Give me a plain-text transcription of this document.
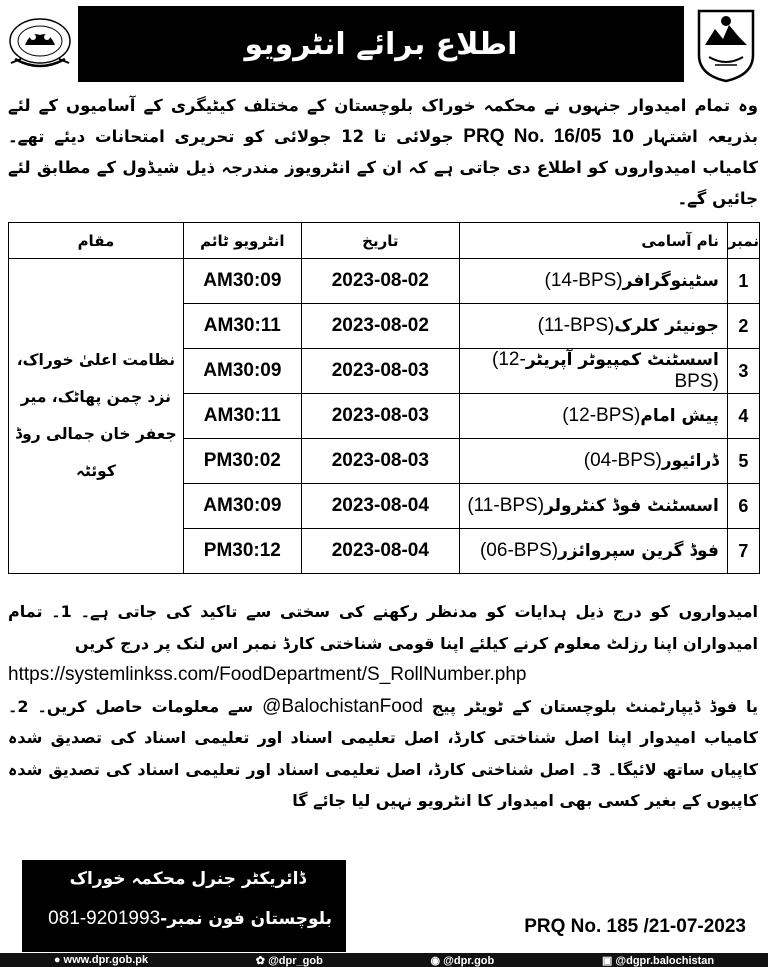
اطلاع برائے انٹرویو
وہ تمام امیدوار جنہوں نے محکمہ خوراک بلوچستان کے مختلف کیٹیگری کے آسامیوں کے لئے بذریعہ اشتہار PRQ No. 16/05 10 جولائی تا 12 جولائی کو تحریری امتحانات دیئے تھے۔ کامیاب امیدواروں کو اطلاع دی جاتی ہے کہ ان کے انٹرویوز مندرجہ ذیل شیڈول کے مطابق لئے جائیں گے۔
نمبر	نام آسامی	تاریخ	انٹرویو ٹائم	مقام
1	سٹینوگرافر(14-BPS)	2023-08-02	AM30:09	نظامت اعلیٰ خوراک، نزد چمن پھاٹک، میر جعفر خان جمالی روڈ کوئٹہ
2	جونیئر کلرک(11-BPS)	2023-08-02	AM30:11	
3	اسسٹنٹ کمپیوٹر آپریٹر(12-BPS)	2023-08-03	AM30:09	
4	پیش امام(12-BPS)	2023-08-03	AM30:11	
5	ڈرائیور(04-BPS)	2023-08-03	PM30:02	
6	اسسٹنٹ فوڈ کنٹرولر(11-BPS)	2023-08-04	AM30:09	
7	فوڈ گرین سپروائزر(06-BPS)	2023-08-04	PM30:12	
امیدواروں کو درج ذیل ہدایات کو مدنظر رکھنے کی سختی سے تاکید کی جاتی ہے۔ 1۔ تمام امیدواران اپنا رزلٹ معلوم کرنے کیلئے اپنا قومی شناختی کارڈ نمبر اس لنک پر درج کریں
https://systemlinkss.com/FoodDepartment/S_RollNumber.php
یا فوڈ ڈیپارٹمنٹ بلوچستان کے ٹویٹر پیج @BalochistanFood سے معلومات حاصل کریں۔ 2۔ کامیاب امیدوار اپنا اصل شناختی کارڈ، اصل تعلیمی اسناد اور تعلیمی اسناد کی تصدیق شدہ کاپیاں ساتھ لائیگا۔ 3۔ اصل شناختی کارڈ، اصل تعلیمی اسناد اور تعلیمی اسناد کی تصدیق شدہ کاپیوں کے بغیر کسی بھی امیدوار کا انٹرویو نہیں لیا جائے گا
ڈائریکٹر جنرل محکمہ خوراک
بلوچستان فون نمبر-081-9201993	PRQ No. 185 /21-07-2023
● www.dpr.gob.pk	✿ @dpr_gob	◉ @dpr.gob	▣ @dgpr.balochistan
